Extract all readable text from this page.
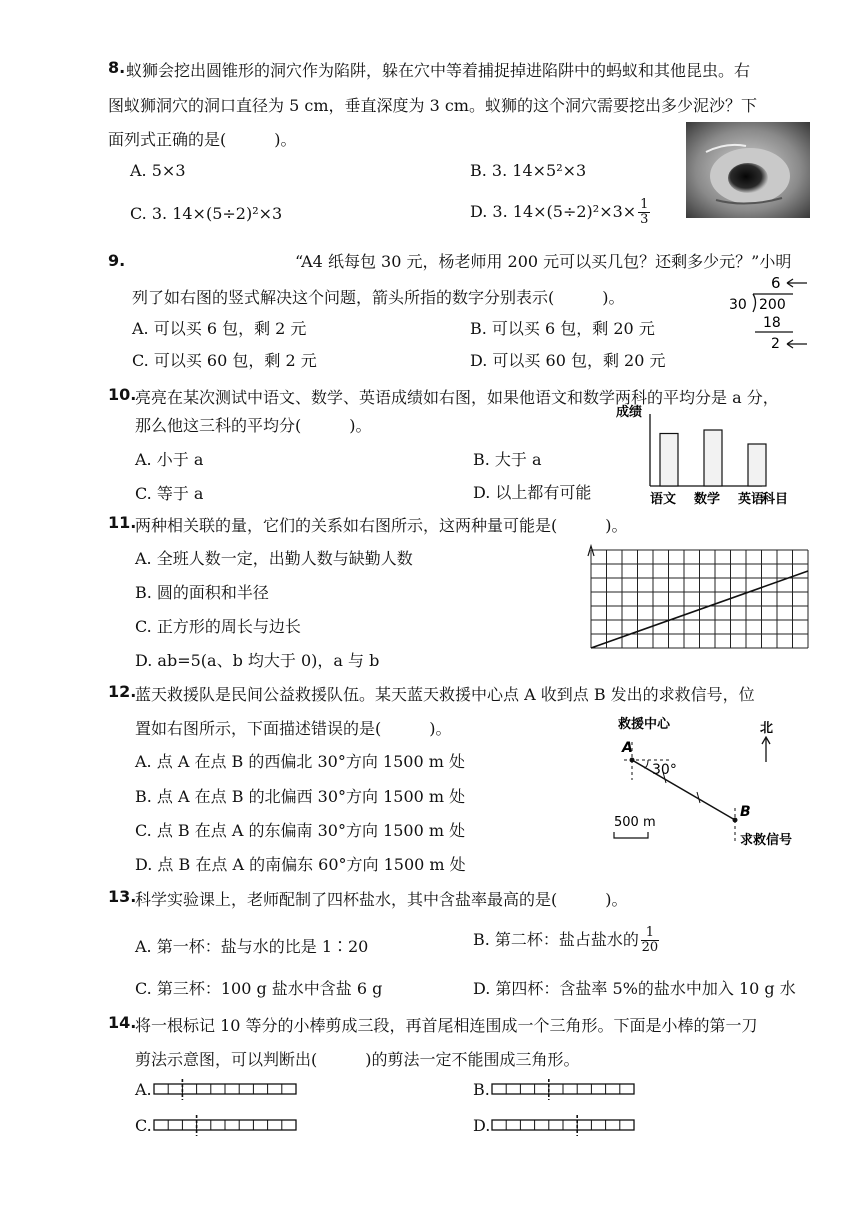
8. 蚁狮会挖出圆锥形的洞穴作为陷阱，躲在穴中等着捕捉掉进陷阱中的蚂蚁和其他昆虫。右
图蚁狮洞穴的洞口直径为 5 cm，垂直深度为 3 cm。蚁狮的这个洞穴需要挖出多少泥沙？下
面列式正确的是(　　　)。
A. 5×3	B. 3. 14×5²×3
C. 3. 14×(5÷2)²×3	D. 3. $14\times(5\div 2)^2\times 3\times \frac{1}{3}$
9.	“A4 纸每包 30 元，杨老师用 200 元可以买几包？还剩多少元？”小明
列了如右图的竖式解决这个问题，箭头所指的数字分别表示(　　　)。
A. 可以买 6 包，剩 2 元	B. 可以买 6 包，剩 20 元
C. 可以买 60 包，剩 2 元	D. 可以买 60 包，剩 20 元
6
30 200
18
2
10.
亮亮在某次测试中语文、数学、英语成绩如右图，如果他语文和数学两科的平均分是 a 分，
那么他这三科的平均分(　　　)。
A. 小于 a	B. 大于 a
C. 等于 a	D. 以上都有可能
成绩
科目
语文 数学 英语
11.
两种相关联的量，它们的关系如右图所示，这两种量可能是(　　　)。
A. 全班人数一定，出勤人数与缺勤人数
B. 圆的面积和半径
C. 正方形的周长与边长
D. ab=5(a、b 均大于 0)，a 与 b
12.
蓝天救援队是民间公益救援队伍。某天蓝天救援中心点 A 收到点 B 发出的求救信号，位
置如右图所示，下面描述错误的是(　　　)。
A. 点 A 在点 B 的西偏北 30°方向 1500 m 处
B. 点 A 在点 B 的北偏西 30°方向 1500 m 处
C. 点 B 在点 A 的东偏南 30°方向 1500 m 处
D. 点 B 在点 A 的南偏东 60°方向 1500 m 处
救援中心
A
30°
B
求救信号
北
500 m
13.
科学实验课上，老师配制了四杯盐水，其中含盐率最高的是(　　　)。
A. 第一杯：盐与水的比是 1∶20	B. 第二杯：盐占盐水的 $\frac{1}{20}$
C. 第三杯：100 g 盐水中含盐 6 g	D. 第四杯：含盐率 5%的盐水中加入 10 g 水
14.
将一根标记 10 等分的小棒剪成三段，再首尾相连围成一个三角形。下面是小棒的第一刀
剪法示意图，可以判断出(　　　)的剪法一定不能围成三角形。
A.	B.
C.	D.
